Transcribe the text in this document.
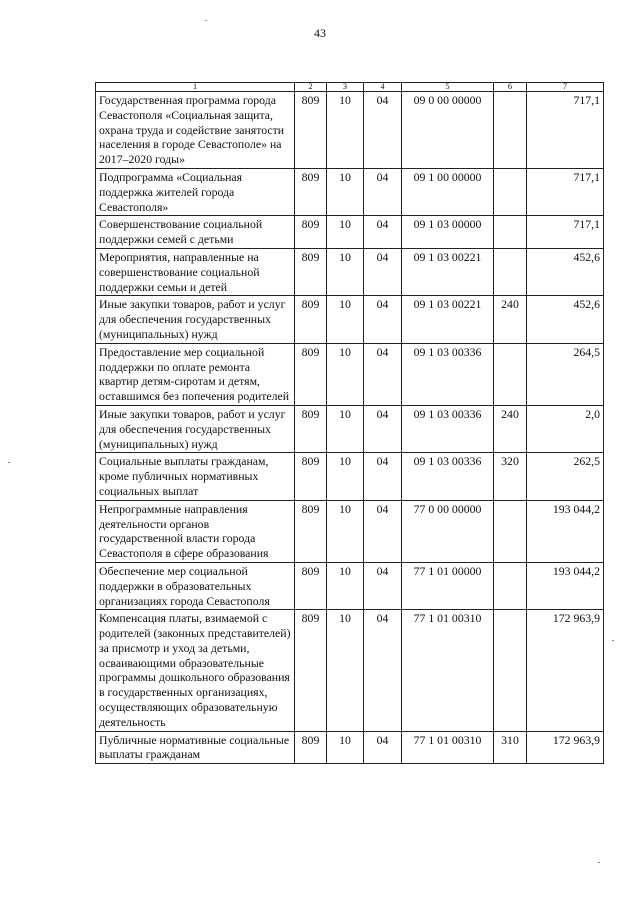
43
1	2	3	4	5	6	7
Государственная программа города Севастополя «Социальная защита, охрана труда и содействие занятости населения в городе Севастополе» на 2017–2020 годы»	809	10	04	09 0 00 00000		717,1
Подпрограмма «Социальная поддержка жителей города Севастополя»	809	10	04	09 1 00 00000		717,1
Совершенствование социальной поддержки семей с детьми	809	10	04	09 1 03 00000		717,1
Мероприятия, направленные на совершенствование социальной поддержки семьи и детей	809	10	04	09 1 03 00221		452,6
Иные закупки товаров, работ и услуг для обеспечения государственных (муниципальных) нужд	809	10	04	09 1 03 00221	240	452,6
Предоставление мер социальной поддержки по оплате ремонта квартир детям-сиротам и детям, оставшимся без попечения родителей	809	10	04	09 1 03 00336		264,5
Иные закупки товаров, работ и услуг для обеспечения государственных (муниципальных) нужд	809	10	04	09 1 03 00336	240	2,0
Социальные выплаты гражданам, кроме публичных нормативных социальных выплат	809	10	04	09 1 03 00336	320	262,5
Непрограммные направления деятельности органов государственной власти города Севастополя в сфере образования	809	10	04	77 0 00 00000		193 044,2
Обеспечение мер социальной поддержки в образовательных организациях города Севастополя	809	10	04	77 1 01 00000		193 044,2
Компенсация платы, взимаемой с родителей (законных представителей) за присмотр и уход за детьми, осваивающими образовательные программы дошкольного образования в государственных организациях, осуществляющих образовательную деятельность	809	10	04	77 1 01 00310		172 963,9
Публичные нормативные социальные выплаты гражданам	809	10	04	77 1 01 00310	310	172 963,9
